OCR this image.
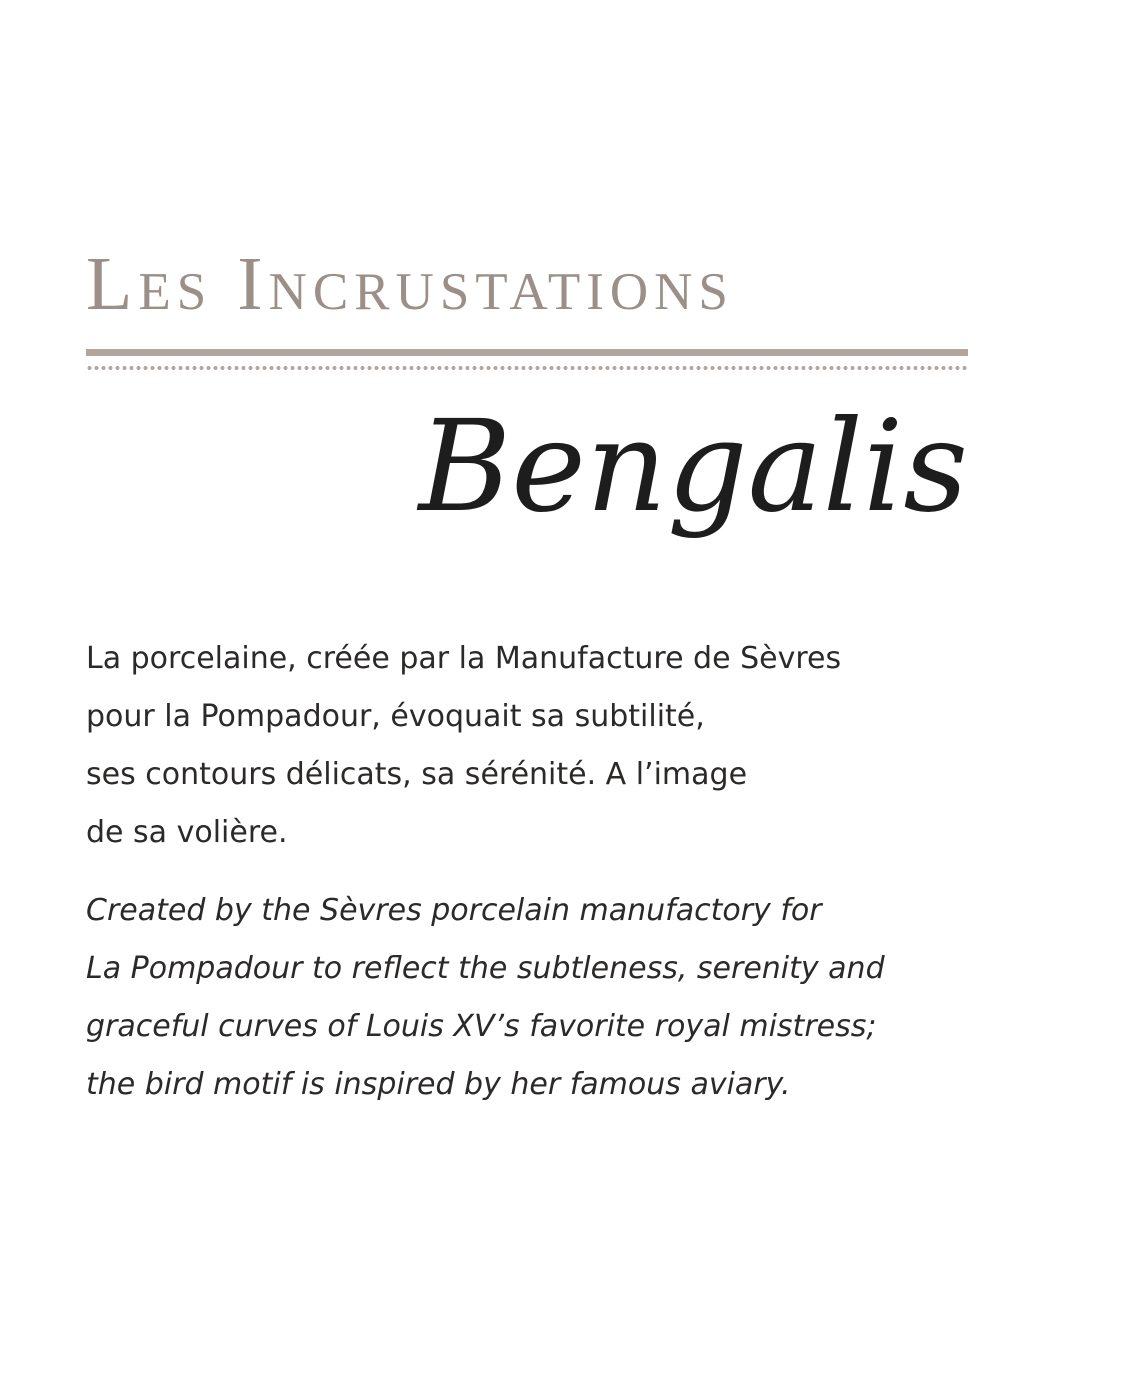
Les Incrustations
Bengalis

La porcelaine, créée par la Manufacture de Sèvres
pour la Pompadour, évoquait sa subtilité,
ses contours délicats, sa sérénité. A l’image
de sa volière.

Created by the Sèvres porcelain manufactory for
La Pompadour to reflect the subtleness, serenity and
graceful curves of Louis XV’s favorite royal mistress;
the bird motif is inspired by her famous aviary.
